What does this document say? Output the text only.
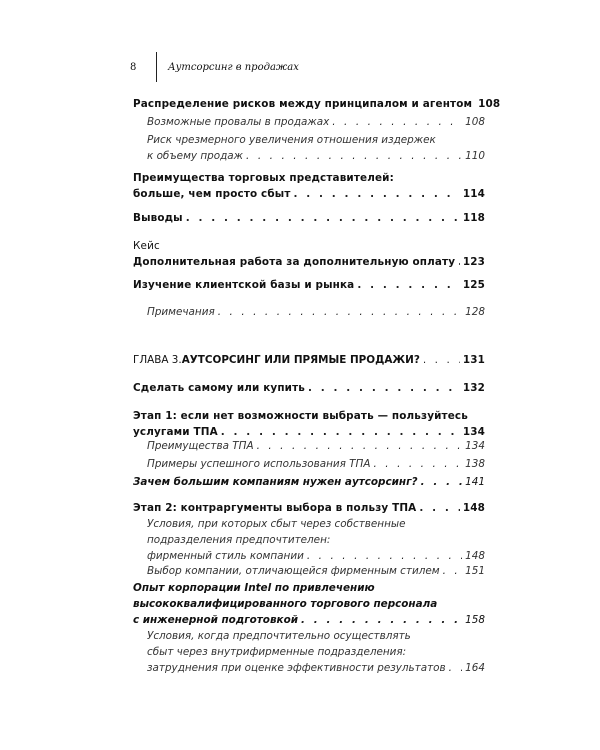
8	Аутсорсинг в продажах
Распределение рисков между принципалом и агентом 108
Возможные провалы в продажах . . .	108
Риск чрезмерного увеличения отношения издержек
к объему продаж . . .	110
Преимущества торговых представителей:
больше, чем просто сбыт . . .	114
Выводы . . .	118
Кейс
Дополнительная работа за дополнительную оплату . . . 123
Изучение клиентской базы и рынка . . .	125
Примечания . . .	128
ГЛАВА 3. АУТСОРСИНГ ИЛИ ПРЯМЫЕ ПРОДАЖИ? . . .	131
Сделать самому или купить . . .	132
Этап 1: если нет возможности выбрать — пользуйтесь
услугами ТПА . . .	134
Преимущества ТПА . . .	134
Примеры успешного использования ТПА . . .	138
Зачем большим компаниям нужен аутсорсинг? . . .	141
Этап 2: контраргументы выбора в пользу ТПА . . .	148
Условия, при которых сбыт через собственные
подразделения предпочтителен:
фирменный стиль компании . . .	148
Выбор компании, отличающейся фирменным стилем . . . 151
Опыт корпорации Intel по привлечению
высококвалифицированного торгового персонала
с инженерной подготовкой . . .	158
Условия, когда предпочтительно осуществлять
сбыт через внутрифирменные подразделения:
затруднения при оценке эффективности результатов . . . 164
